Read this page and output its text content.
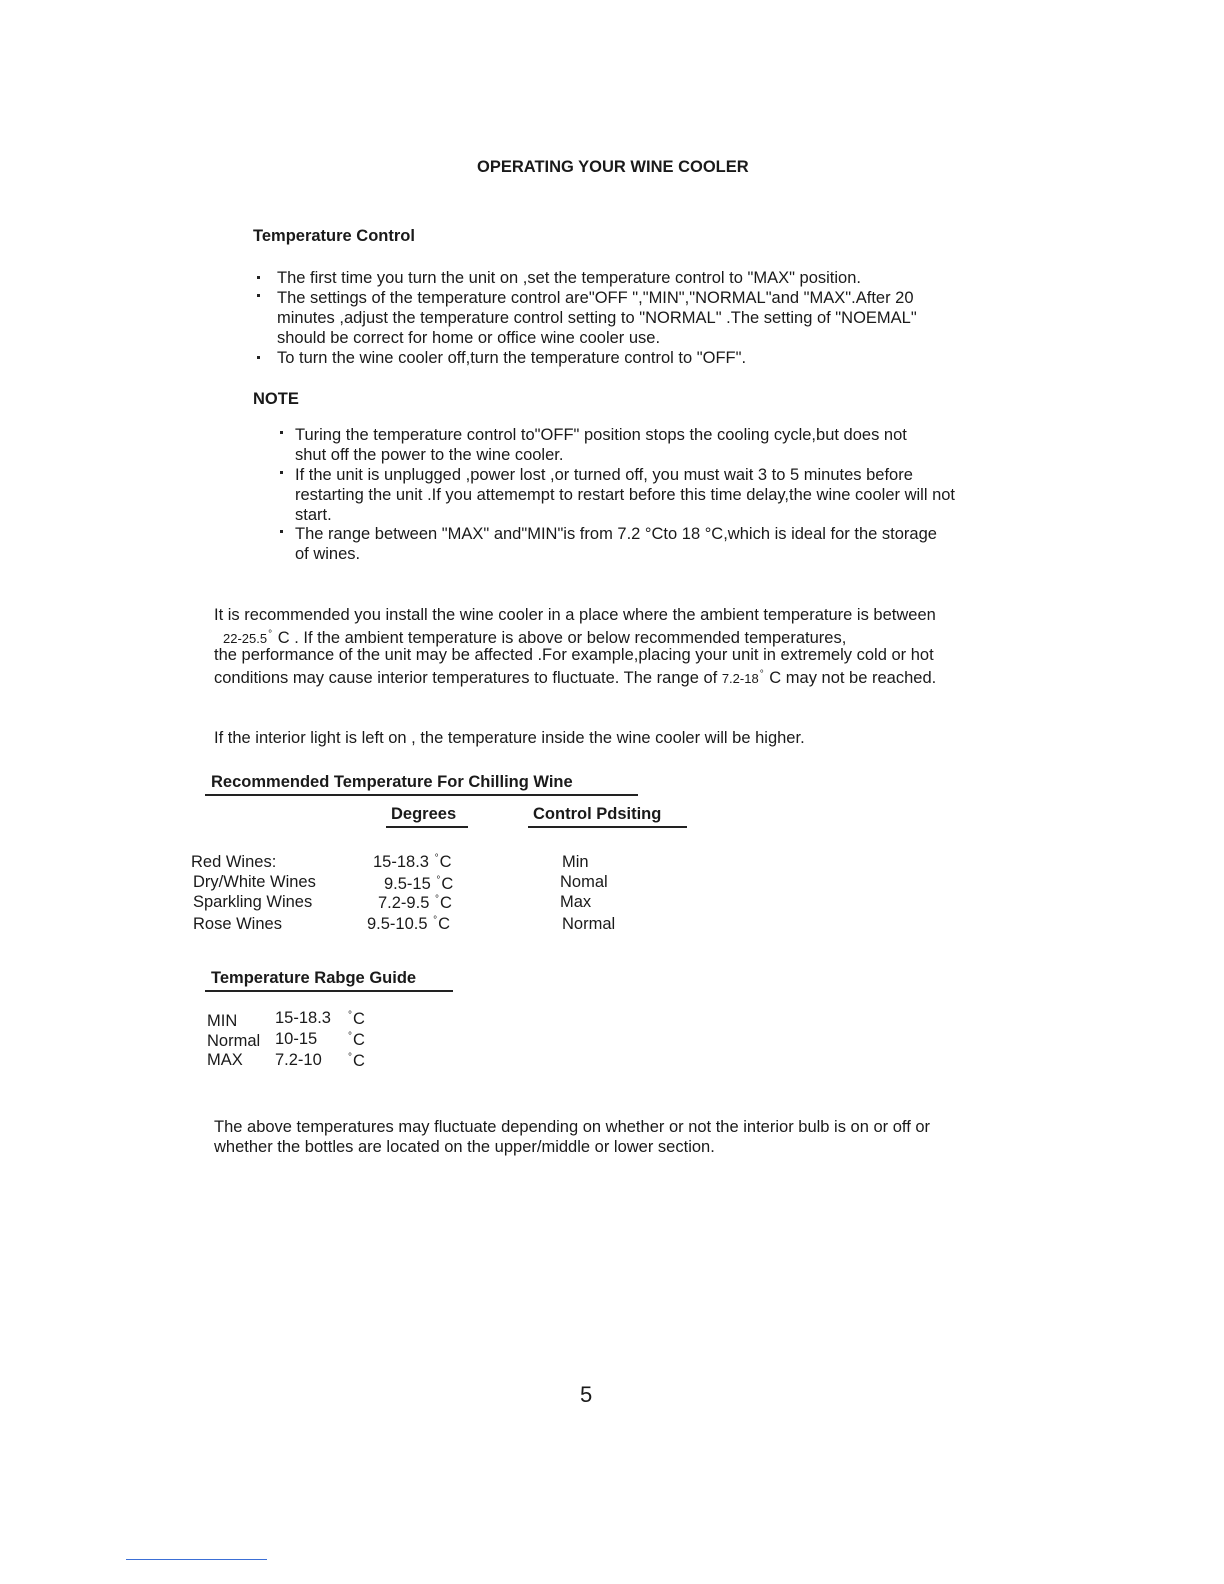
OPERATING YOUR WINE COOLER
Temperature Control
The first time you turn the unit on ,set the temperature control to "MAX" position.
The settings of the temperature control are"OFF ","MIN","NORMAL"and "MAX".After 20
minutes ,adjust the temperature control setting to "NORMAL" .The setting of "NOEMAL"
should be correct for home or office wine cooler use.
To turn the wine cooler off,turn the temperature control to "OFF".
NOTE
Turing the temperature control to"OFF" position stops the cooling cycle,but does not
shut off the power to the wine cooler.
If the unit is unplugged ,power lost ,or turned off, you must wait 3 to 5 minutes before
restarting the unit .If you attemempt to restart before this time delay,the wine cooler will not
start.
The range between "MAX" and"MIN"is from 7.2 °Cto 18 °C,which is ideal for the storage
of wines.
It is recommended you install the wine cooler in a place where the ambient temperature is between
22-25.5° C . If the ambient temperature is above or below recommended temperatures,
the performance of the unit may be affected .For example,placing your unit in extremely cold or hot
conditions may cause interior temperatures to fluctuate. The range of 7.2-18° C may not be reached.
If the interior light is left on , the temperature inside the wine cooler will be higher.
Recommended Temperature For Chilling Wine
Degrees	Control Pdsiting
Red Wines:	15-18.3 °C	Min
Dry/White Wines	9.5-15 °C	Nomal
Sparkling Wines	7.2-9.5 °C	Max
Rose Wines	9.5-10.5 °C	Normal
Temperature Rabge Guide
MIN 15-18.3 °C
Normal 10-15	°C
MAX 7.2-10	°C
The above temperatures may fluctuate depending on whether or not the interior bulb is on or off or
whether the bottles are located on the upper/middle or lower section.
5
